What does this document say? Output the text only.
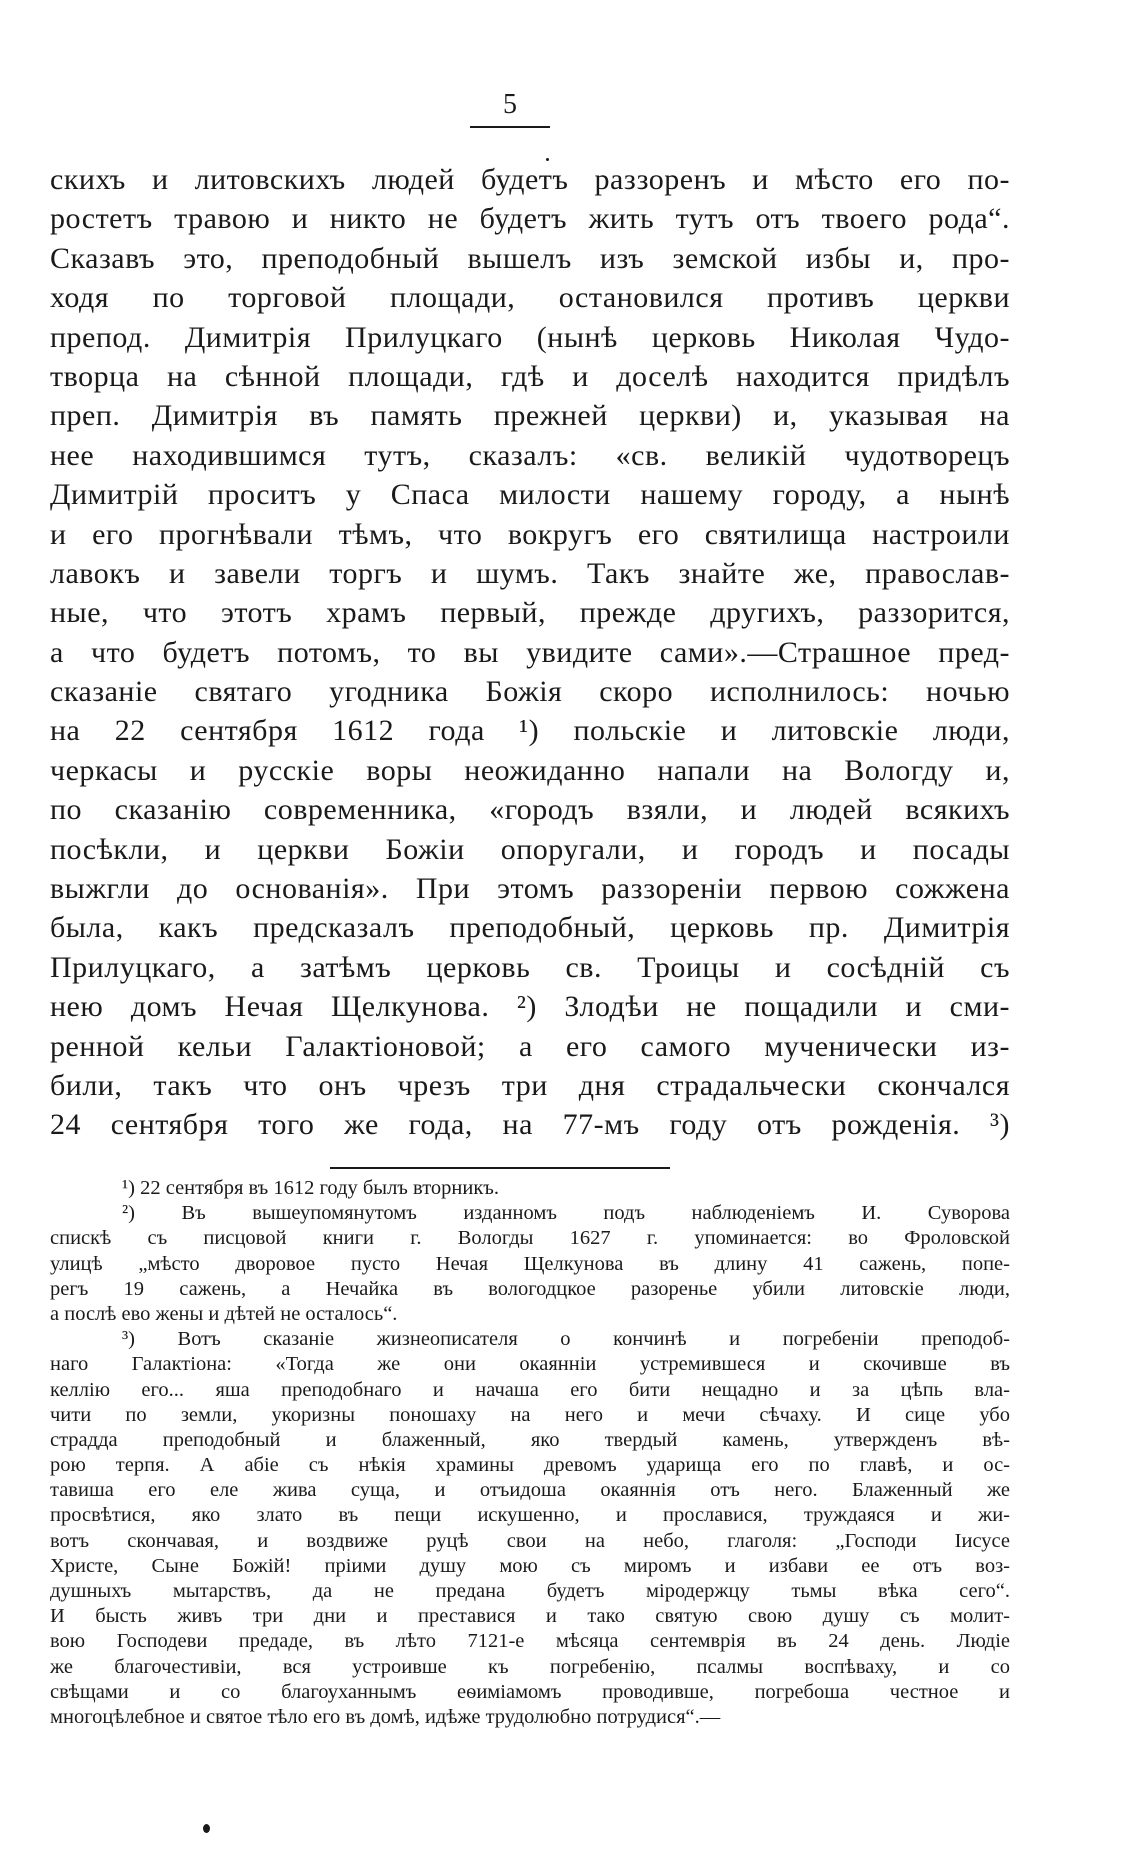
5
скихъ и литовскихъ людей будетъ раззоренъ и мѣсто его по-
ростетъ травою и никто не будетъ жить тутъ отъ твоего рода“.
Сказавъ это, преподобный вышелъ изъ земской избы и, про-
ходя по торговой площади, остановился противъ церкви
препод. Димитрія Прилуцкаго (нынѣ церковь Николая Чудо-
творца на сѣнной площади, гдѣ и доселѣ находится придѣлъ
преп. Димитрія въ память прежней церкви) и, указывая на
нее находившимся тутъ, сказалъ: «св. великій чудотворецъ
Димитрій проситъ у Спаса милости нашему городу, а нынѣ
и его прогнѣвали тѣмъ, что вокругъ его святилища настроили
лавокъ и завели торгъ и шумъ. Такъ знайте же, православ-
ные, что этотъ храмъ первый, прежде другихъ, раззорится,
а что будетъ потомъ, то вы увидите сами».—Страшное пред-
сказаніе святаго угодника Божія скоро исполнилось: ночью
на 22 сентября 1612 года ¹) польскіе и литовскіе люди,
черкасы и русскіе воры неожиданно напали на Вологду и,
по сказанію современника, «городъ взяли, и людей всякихъ
посѣкли, и церкви Божіи опоругали, и городъ и посады
выжгли до основанія». При этомъ раззореніи первою сожжена
была, какъ предсказалъ преподобный, церковь пр. Димитрія
Прилуцкаго, а затѣмъ церковь св. Троицы и сосѣдній съ
нею домъ Нечая Щелкунова. ²) Злодѣи не пощадили и сми-
ренной кельи Галактіоновой; а его самого мученически из-
били, такъ что онъ чрезъ три дня страдальчески скончался
24 сентября того же года, на 77-мъ году отъ рожденія. ³)
¹) 22 сентября въ 1612 году былъ вторникъ.
²) Въ вышеупомянутомъ изданномъ подъ наблюденіемъ И. Суворова
спискѣ съ писцовой книги г. Вологды 1627 г. упоминается: во Фроловской
улицѣ „мѣсто дворовое пусто Нечая Щелкунова въ длину 41 сажень, попе-
регъ 19 сажень, а Нечайка въ вологодцкое разоренье убили литовскіе люди,
а послѣ ево жены и дѣтей не осталось“.
³) Вотъ сказаніе жизнеописателя о кончинѣ и погребеніи преподоб-
наго Галактіона: «Тогда же они окаянніи устремившеся и скочивше въ
келлію его... яша преподобнаго и начаша его бити нещадно и за цѣпь вла-
чити по земли, укоризны поношаху на него и мечи сѣчаху. И сице убо
страдда преподобный и блаженный, яко твердый камень, утвержденъ вѣ-
рою терпя. А абіе съ нѣкія храмины древомъ ударища его по главѣ, и ос-
тавиша его еле жива суща, и отъидоша окаяннія отъ него. Блаженный же
просвѣтися, яко злато въ пещи искушенно, и прославися, труждаяся и жи-
вотъ скончавая, и воздвиже руцѣ свои на небо, глаголя: „Господи Іисусе
Христе, Сыне Божій! пріими душу мою съ миромъ и избави ее отъ воз-
душныхъ мытарствъ, да не предана будетъ міродержцу тьмы вѣка сего“.
И бысть живъ три дни и преставися и тако святую свою душу съ молит-
вою Господеви предаде, въ лѣто 7121-е мѣсяца сентемврія въ 24 день. Людіе
же благочестивіи, вся устроивше къ погребенію, псалмы воспѣваху, и со
свѣщами и со благоуханнымъ еѳиміамомъ проводивше, погребоша честное и
многоцѣлебное и святое тѣло его въ домѣ, идѣже трудолюбно потрудися“.—
